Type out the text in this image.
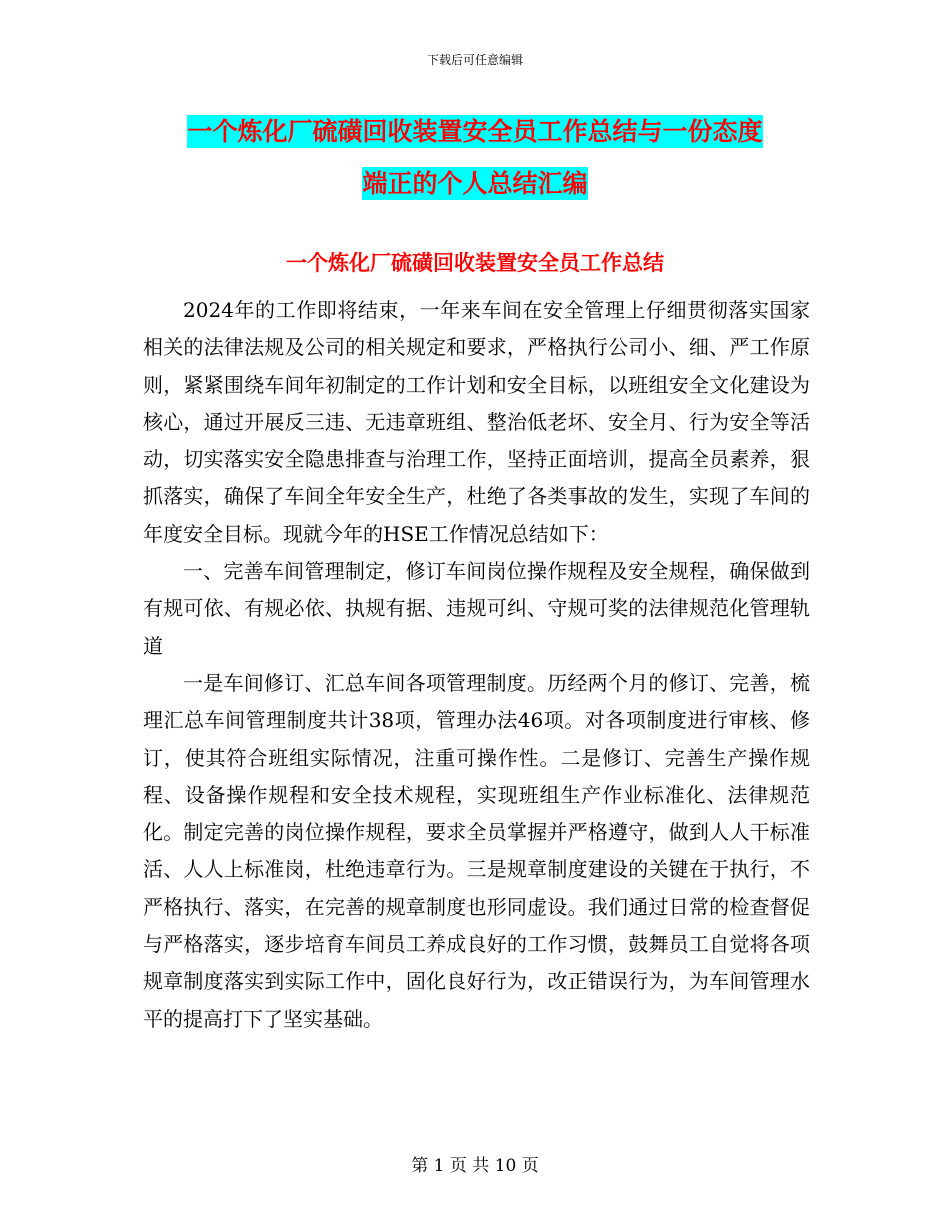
下载后可任意编辑
一个炼化厂硫磺回收装置安全员工作总结与一份态度
端正的个人总结汇编
一个炼化厂硫磺回收装置安全员工作总结

2024年的工作即将结束，一年来车间在安全管理上仔细贯彻落实国家相关的法律法规及公司的相关规定和要求，严格执行公司小、细、严工作原则，紧紧围绕车间年初制定的工作计划和安全目标，以班组安全文化建设为核心，通过开展反三违、无违章班组、整治低老坏、安全月、行为安全等活动，切实落实安全隐患排查与治理工作，坚持正面培训，提高全员素养，狠抓落实，确保了车间全年安全生产，杜绝了各类事故的发生，实现了车间的年度安全目标。现就今年的HSE工作情况总结如下：

一、完善车间管理制定，修订车间岗位操作规程及安全规程，确保做到有规可依、有规必依、执规有据、违规可纠、守规可奖的法律规范化管理轨道

一是车间修订、汇总车间各项管理制度。历经两个月的修订、完善，梳理汇总车间管理制度共计38项，管理办法46项。对各项制度进行审核、修订，使其符合班组实际情况，注重可操作性。二是修订、完善生产操作规程、设备操作规程和安全技术规程，实现班组生产作业标准化、法律规范化。制定完善的岗位操作规程，要求全员掌握并严格遵守，做到人人干标准活、人人上标准岗，杜绝违章行为。三是规章制度建设的关键在于执行，不严格执行、落实，在完善的规章制度也形同虚设。我们通过日常的检查督促与严格落实，逐步培育车间员工养成良好的工作习惯，鼓舞员工自觉将各项规章制度落实到实际工作中，固化良好行为，改正错误行为，为车间管理水平的提高打下了坚实基础。

第 1 页 共 10 页
